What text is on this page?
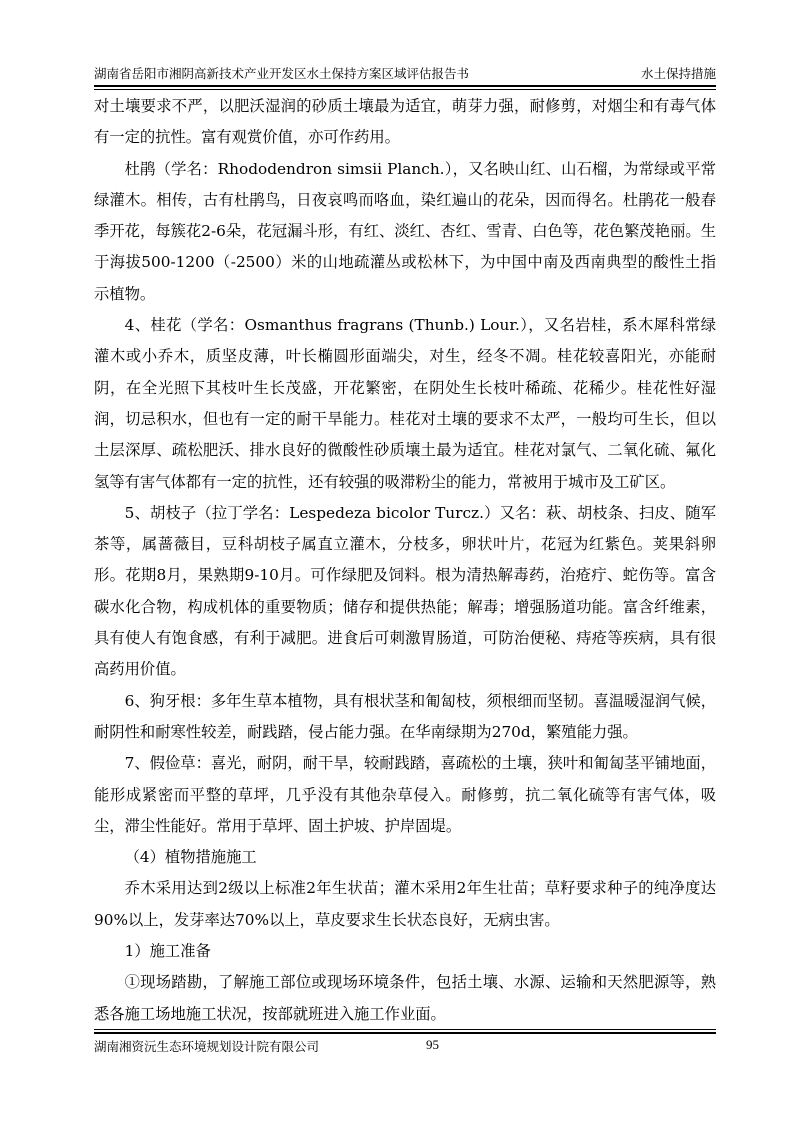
湖南省岳阳市湘阴高新技术产业开发区水土保持方案区域评估报告书	水土保持措施

对土壤要求不严，以肥沃湿润的砂质土壤最为适宜，萌芽力强，耐修剪，对烟尘和有毒气体有一定的抗性。富有观赏价值，亦可作药用。

杜鹃（学名：Rhododendron simsii Planch.），又名映山红、山石榴，为常绿或平常绿灌木。相传，古有杜鹃鸟，日夜哀鸣而咯血，染红遍山的花朵，因而得名。杜鹃花一般春季开花，每簇花2-6朵，花冠漏斗形，有红、淡红、杏红、雪青、白色等，花色繁茂艳丽。生于海拔500-1200（-2500）米的山地疏灌丛或松林下，为中国中南及西南典型的酸性土指示植物。

4、桂花（学名：Osmanthus fragrans (Thunb.) Lour.），又名岩桂，系木犀科常绿灌木或小乔木，质坚皮薄，叶长椭圆形面端尖，对生，经冬不凋。桂花较喜阳光，亦能耐阴，在全光照下其枝叶生长茂盛，开花繁密，在阴处生长枝叶稀疏、花稀少。桂花性好湿润，切忌积水，但也有一定的耐干旱能力。桂花对土壤的要求不太严，一般均可生长，但以土层深厚、疏松肥沃、排水良好的微酸性砂质壤土最为适宜。桂花对氯气、二氧化硫、氟化氢等有害气体都有一定的抗性，还有较强的吸滞粉尘的能力，常被用于城市及工矿区。

5、胡枝子（拉丁学名：Lespedeza bicolor Turcz.）又名：萩、胡枝条、扫皮、随军茶等，属蔷薇目，豆科胡枝子属直立灌木，分枝多，卵状叶片，花冠为红紫色。荚果斜卵形。花期8月，果熟期9-10月。可作绿肥及饲料。根为清热解毒药，治疮疔、蛇伤等。富含碳水化合物，构成机体的重要物质；储存和提供热能；解毒；增强肠道功能。富含纤维素，具有使人有饱食感，有利于减肥。进食后可刺激胃肠道，可防治便秘、痔疮等疾病，具有很高药用价值。

6、狗牙根：多年生草本植物，具有根状茎和匍匐枝，须根细而坚韧。喜温暖湿润气候，耐阴性和耐寒性较差，耐践踏，侵占能力强。在华南绿期为270d，繁殖能力强。

7、假俭草：喜光，耐阴，耐干旱，较耐践踏，喜疏松的土壤，狭叶和匍匐茎平铺地面，能形成紧密而平整的草坪，几乎没有其他杂草侵入。耐修剪，抗二氧化硫等有害气体，吸尘，滞尘性能好。常用于草坪、固土护坡、护岸固堤。

（4）植物措施施工

乔木采用达到2级以上标准2年生状苗；灌木采用2年生壮苗；草籽要求种子的纯净度达90%以上，发芽率达70%以上，草皮要求生长状态良好，无病虫害。

1）施工准备

①现场踏勘，了解施工部位或现场环境条件，包括土壤、水源、运输和天然肥源等，熟悉各施工场地施工状况，按部就班进入施工作业面。

湖南湘资沅生态环境规划设计院有限公司	95
